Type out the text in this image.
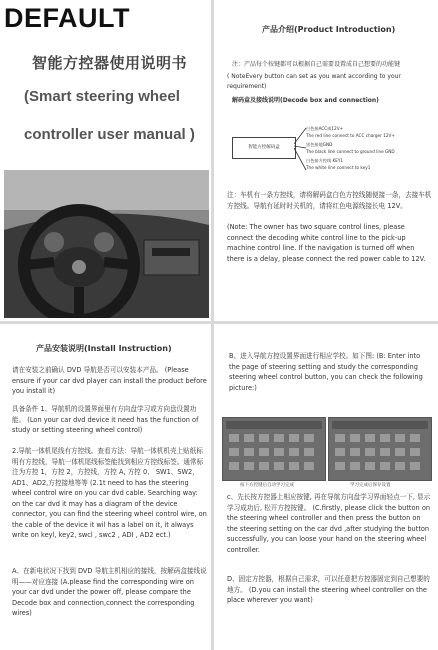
DEFAULT
智能方控器使用说明书
(Smart steering wheel
controller user manual )
产品介绍(Product Introduction)
注：产品每个按键都可以根据自己需要设置成自己想要的功能键
( NoteEvery button can set as you want according to your requirement)
解码盒及接线说明(Decode box and connection)
智能方控解码盒
白色接ACC或12V+
The red line connect to ACC charger 12V+
黑色接地GND
The black line connect to ground line GND
白色接方控线 KEY1
The white line connect to key1
注：车机有一条方控线，请将解码盒白色方控线随便接一条，去接车机方控线。导航有延时时关机的，请将红色电源线接长电 12V。
(Note: The owner has two square control lines, please connect the decoding white control line to the pick-up machine control line. If the navigation is turned off when there is a delay, please connect the red power cable to 12V.
产品安装说明(Install Instruction)
请在安装之前确认 DVD 导航是否可以安装本产品。 (Please ensure if your car dvd player can install the product before you install it)
具备条件 1、导航机的设置界面里有方向盘学习或方向盘设置功能。 (Lon your car dvd device it need has the function of study or setting steering wheel control)
2.导航一体机尾线有方控线。查看方法：导航一体机机壳上贴纸标明有方控线，导航一体机尾线标签能找到相应方控线标签。通常标注为方控 1，方控 2，方控线，方控 A, 方控 0、 SW1、SW2，AD1、AD2,方控接地等等 (2.1t need to has the steering wheel control wire on you car dvd cable. Searching way: on the car dvd it may has a diagram of the device connector, you can find the steering wheel control wire, on the cable of the device it wil has a label on it, it always write on keyl, key2, swcl , swc2 , ADI , AD2 ect.)
A、在新电状况下找到 DVD 导航主机相应的接线，按解码盒接线说明——对应连接 (A.please find the corresponding wire on your car dvd under the power off, please compare the Decode box and connection,connect the corresponding wires)
B、进入导航方控设置界面进行相应学校。如下图: (B: Enter into the page of steering setting and study the corresponding steering wheel control button, you can check the following picture:)
按下方控键后自动学习完成	学习完成后保存设置
c、先长按方控器上相应按键, 再在导航方向盘学习界面轻点一下, 显示学习成功后, 松开方控按键。 (C.firstly, please click the button on the steering wheel controller and then press the button on the steering setting on the car dvd ,after studying the button successfully, you can loose your hand on the steering wheel controller.
D、固定方控器，根据自己需求，可以任意把方控器固定到自己想要的地方。 (D.you can install the steering wheel controller on the place wherever you want)
